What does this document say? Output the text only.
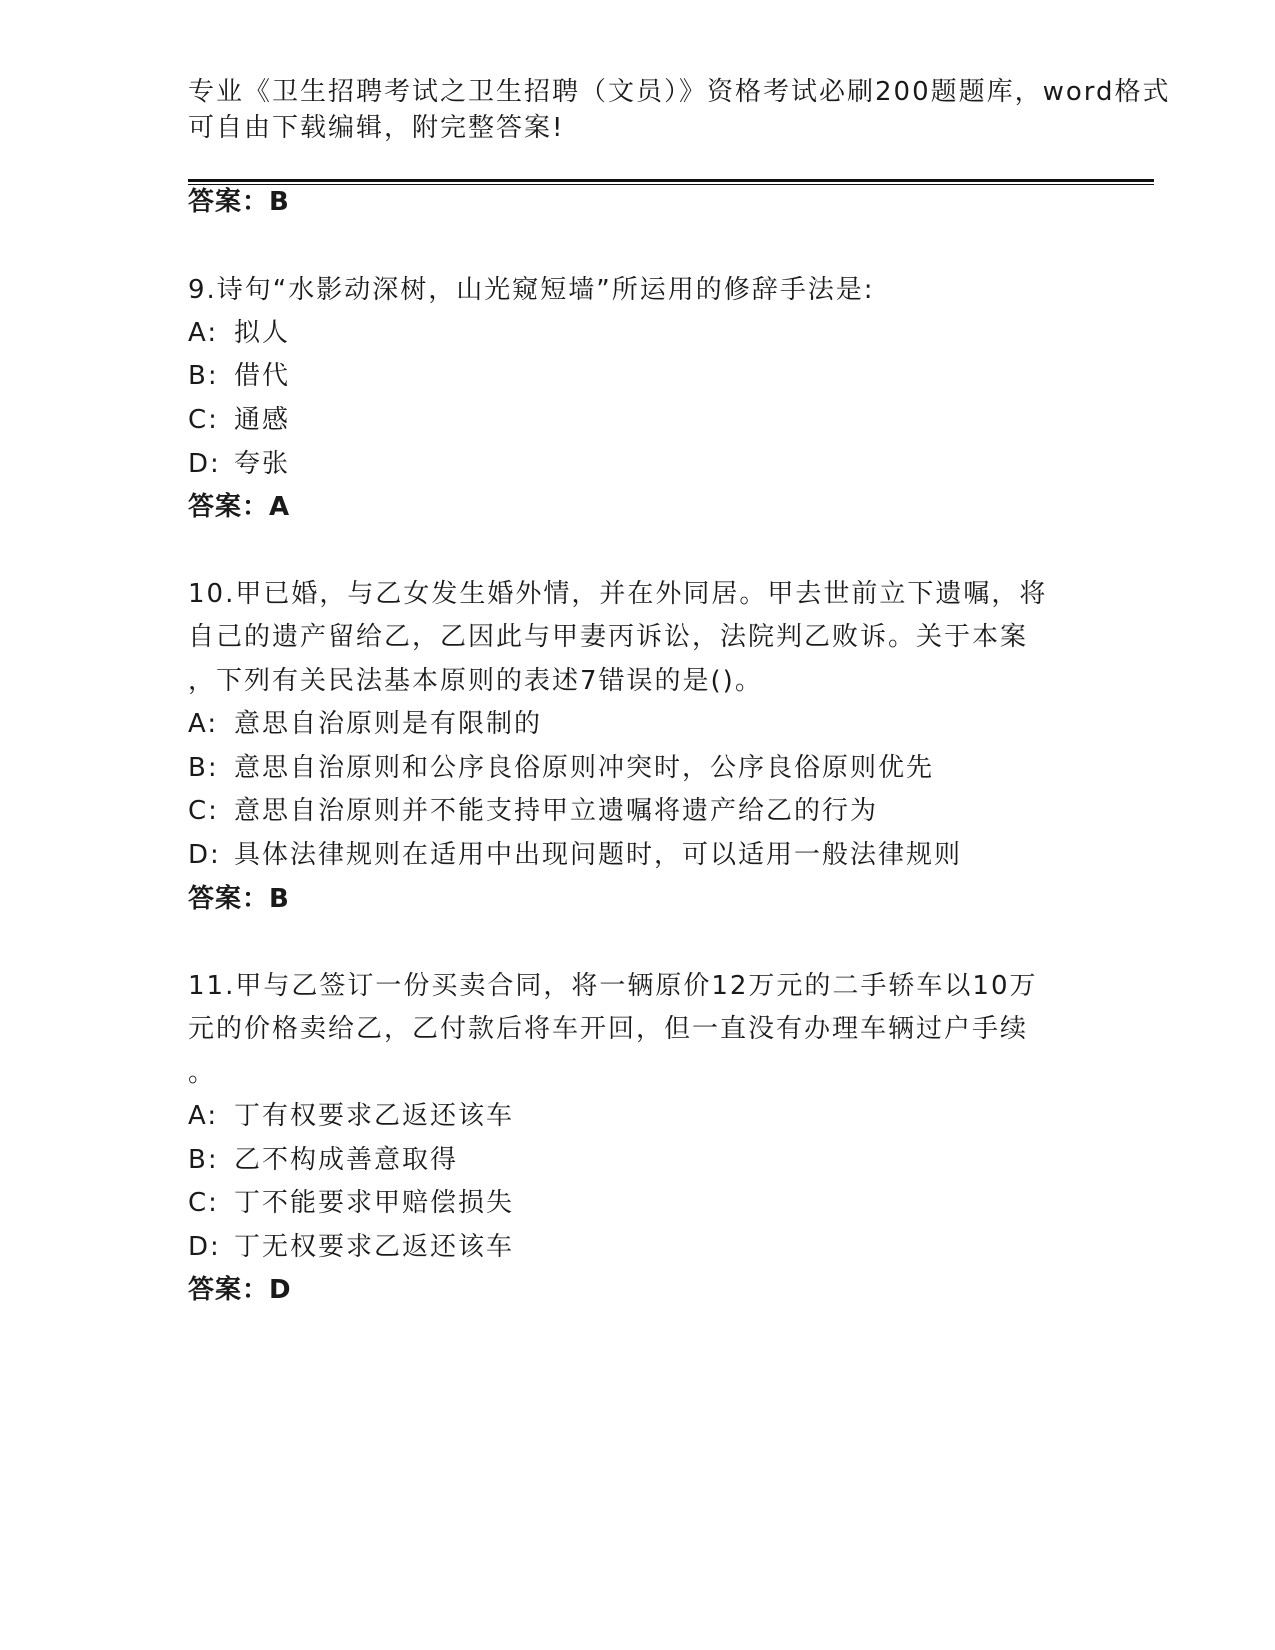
专业《卫生招聘考试之卫生招聘（文员）》资格考试必刷200题题库，word格式
可自由下载编辑，附完整答案!
答案：B
9.诗句“水影动深树，山光窥短墙”所运用的修辞手法是:
A: 拟人
B: 借代
C: 通感
D: 夸张
答案：A
10.甲已婚，与乙女发生婚外情，并在外同居。甲去世前立下遗嘱，将
自己的遗产留给乙，乙因此与甲妻丙诉讼，法院判乙败诉。关于本案
，下列有关民法基本原则的表述7错误的是()。
A: 意思自治原则是有限制的
B: 意思自治原则和公序良俗原则冲突时，公序良俗原则优先
C: 意思自治原则并不能支持甲立遗嘱将遗产给乙的行为
D: 具体法律规则在适用中出现问题时，可以适用一般法律规则
答案：B
11.甲与乙签订一份买卖合同，将一辆原价12万元的二手轿车以10万
元的价格卖给乙，乙付款后将车开回，但一直没有办理车辆过户手续
。
A: 丁有权要求乙返还该车
B: 乙不构成善意取得
C: 丁不能要求甲赔偿损失
D: 丁无权要求乙返还该车
答案：D
